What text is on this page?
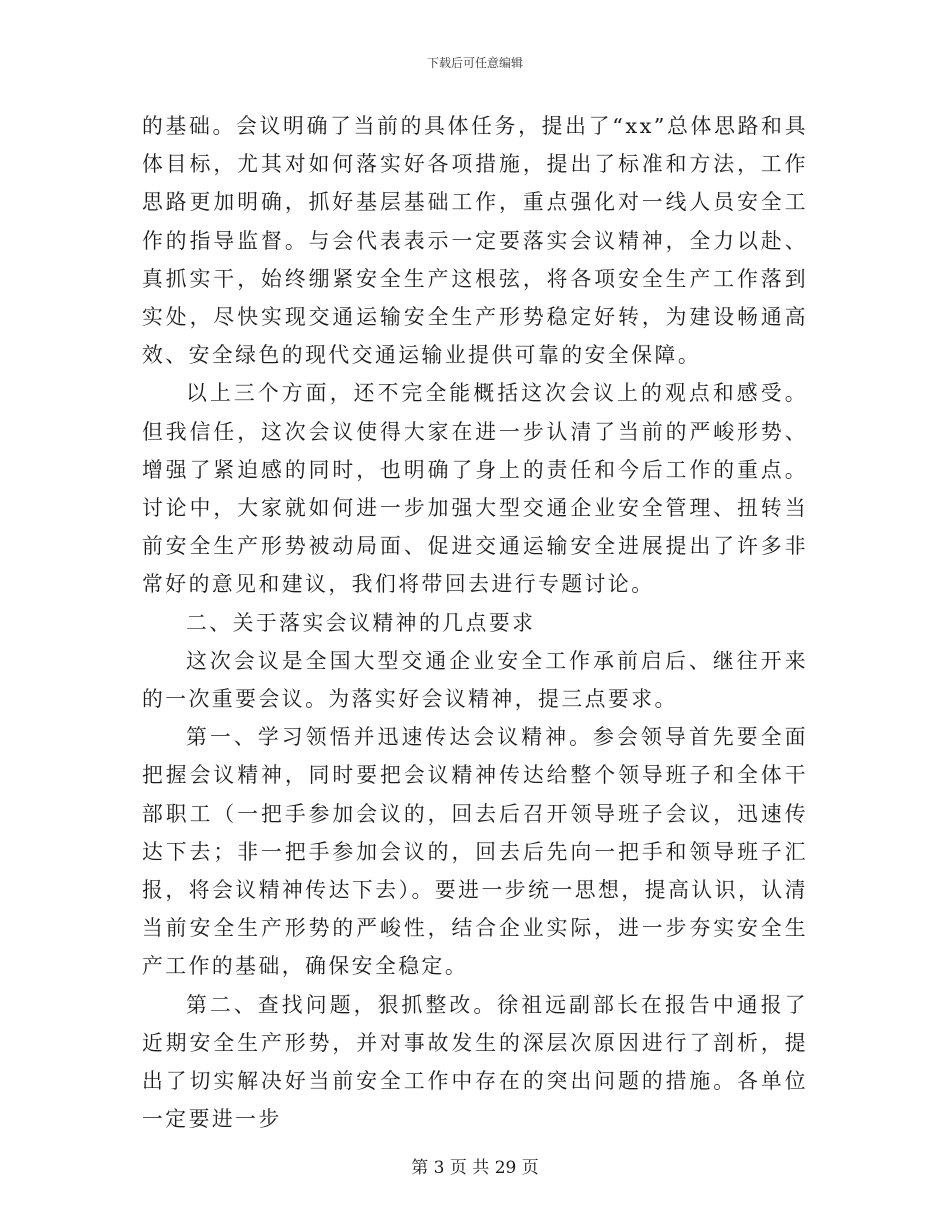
下载后可任意编辑

的基础。会议明确了当前的具体任务，提出了“xx”总体思路和具体目标，尤其对如何落实好各项措施，提出了标准和方法，工作思路更加明确，抓好基层基础工作，重点强化对一线人员安全工作的指导监督。与会代表表示一定要落实会议精神，全力以赴、真抓实干，始终绷紧安全生产这根弦，将各项安全生产工作落到实处，尽快实现交通运输安全生产形势稳定好转，为建设畅通高效、安全绿色的现代交通运输业提供可靠的安全保障。

以上三个方面，还不完全能概括这次会议上的观点和感受。但我信任，这次会议使得大家在进一步认清了当前的严峻形势、增强了紧迫感的同时，也明确了身上的责任和今后工作的重点。讨论中，大家就如何进一步加强大型交通企业安全管理、扭转当前安全生产形势被动局面、促进交通运输安全进展提出了许多非常好的意见和建议，我们将带回去进行专题讨论。

二、关于落实会议精神的几点要求

这次会议是全国大型交通企业安全工作承前启后、继往开来的一次重要会议。为落实好会议精神，提三点要求。

第一、学习领悟并迅速传达会议精神。参会领导首先要全面把握会议精神，同时要把会议精神传达给整个领导班子和全体干部职工（一把手参加会议的，回去后召开领导班子会议，迅速传达下去；非一把手参加会议的，回去后先向一把手和领导班子汇报，将会议精神传达下去）。要进一步统一思想，提高认识，认清当前安全生产形势的严峻性，结合企业实际，进一步夯实安全生产工作的基础，确保安全稳定。

第二、查找问题，狠抓整改。徐祖远副部长在报告中通报了近期安全生产形势，并对事故发生的深层次原因进行了剖析，提出了切实解决好当前安全工作中存在的突出问题的措施。各单位一定要进一步

第 3 页 共 29 页
